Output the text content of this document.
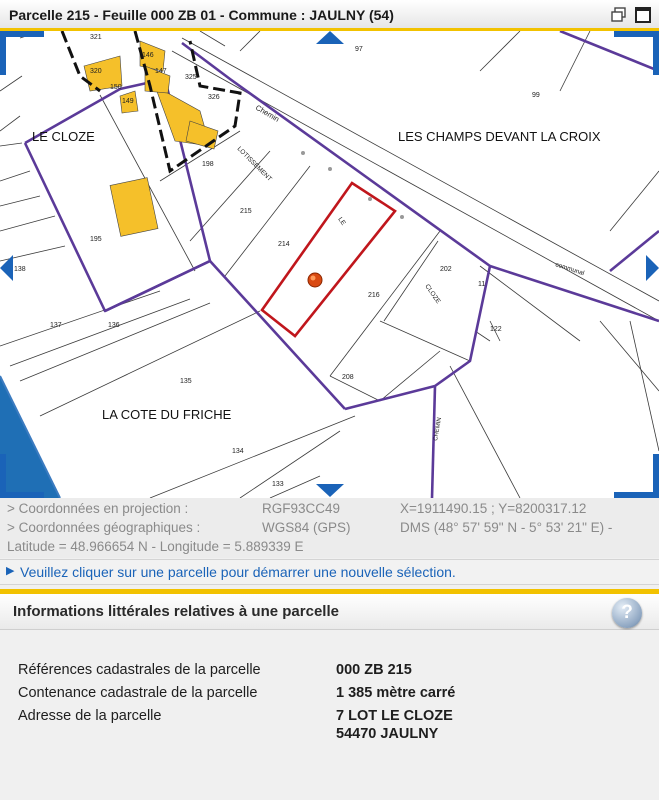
Parcelle 215 - Feuille 000 ZB 01 - Commune : JAULNY (54)
LE CLOZE	LES CHAMPS DEVANT LA CROIX
LA COTE DU FRICHE
Chemin
LOTISSEMENT
LE
CLOZE
communal
CHEMIN
321
320
150
146
147
325
149
326
97
99
198
215
214
216
202
195
138
137	136
122
135
208
134
133
11
> Coordonnées en projection :	RGF93CC49	X=1911490.15 ; Y=8200317.12
> Coordonnées géographiques :	WGS84 (GPS)	DMS (48° 57' 59" N - 5° 53' 21" E) -
Latitude = 48.966654 N - Longitude = 5.889339 E
▶ Veuillez cliquer sur une parcelle pour démarrer une nouvelle sélection.
Informations littérales relatives à une parcelle	?
Références cadastrales de la parcelle	000 ZB 215
Contenance cadastrale de la parcelle	1 385 mètre carré
Adresse de la parcelle	7 LOT LE CLOZE
54470 JAULNY
